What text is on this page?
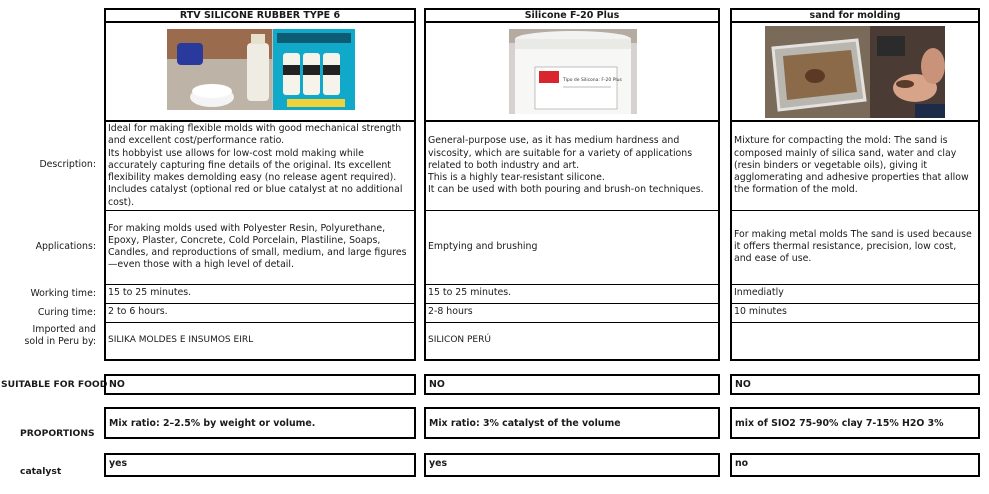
Description:
Applications:
Working time:
Curing time:
Imported and
sold in Peru by:
SUITABLE FOR FOOD
PROPORTIONS
catalyst
RTV SILICONE RUBBER TYPE 6
Ideal for making flexible molds with good mechanical strength and excellent cost/performance ratio.
Its hobbyist use allows for low-cost mold making while accurately capturing fine details of the original. Its excellent flexibility makes demolding easy (no release agent required).
Includes catalyst (optional red or blue catalyst at no additional cost).
For making molds used with Polyester Resin, Polyurethane, Epoxy, Plaster, Concrete, Cold Porcelain, Plastiline, Soaps, Candles, and reproductions of small, medium, and large figures—even those with a high level of detail.
15 to 25 minutes.
2 to 6 hours.
SILIKA MOLDES E INSUMOS EIRL
NO
Mix ratio: 2–2.5% by weight or volume.
yes
Silicone F-20 Plus
Tipo de Silicona: F-20 Plus
General-purpose use, as it has medium hardness and viscosity, which are suitable for a variety of applications related to both industry and art.
This is a highly tear-resistant silicone.
It can be used with both pouring and brush-on techniques.
Emptying and brushing
15 to 25 minutes.
2-8 hours
SILICON PERÚ
NO
Mix ratio: 3% catalyst of the volume
yes
sand for molding
Mixture for compacting the mold: The sand is composed mainly of silica sand, water and clay (resin binders or vegetable oils), giving it agglomerating and adhesive properties that allow the formation of the mold.
For making metal molds The sand is used because it offers thermal resistance, precision, low cost, and ease of use.
Inmediatly
10 minutes
NO
mix of SIO2 75-90% clay 7-15% H2O 3%
no
